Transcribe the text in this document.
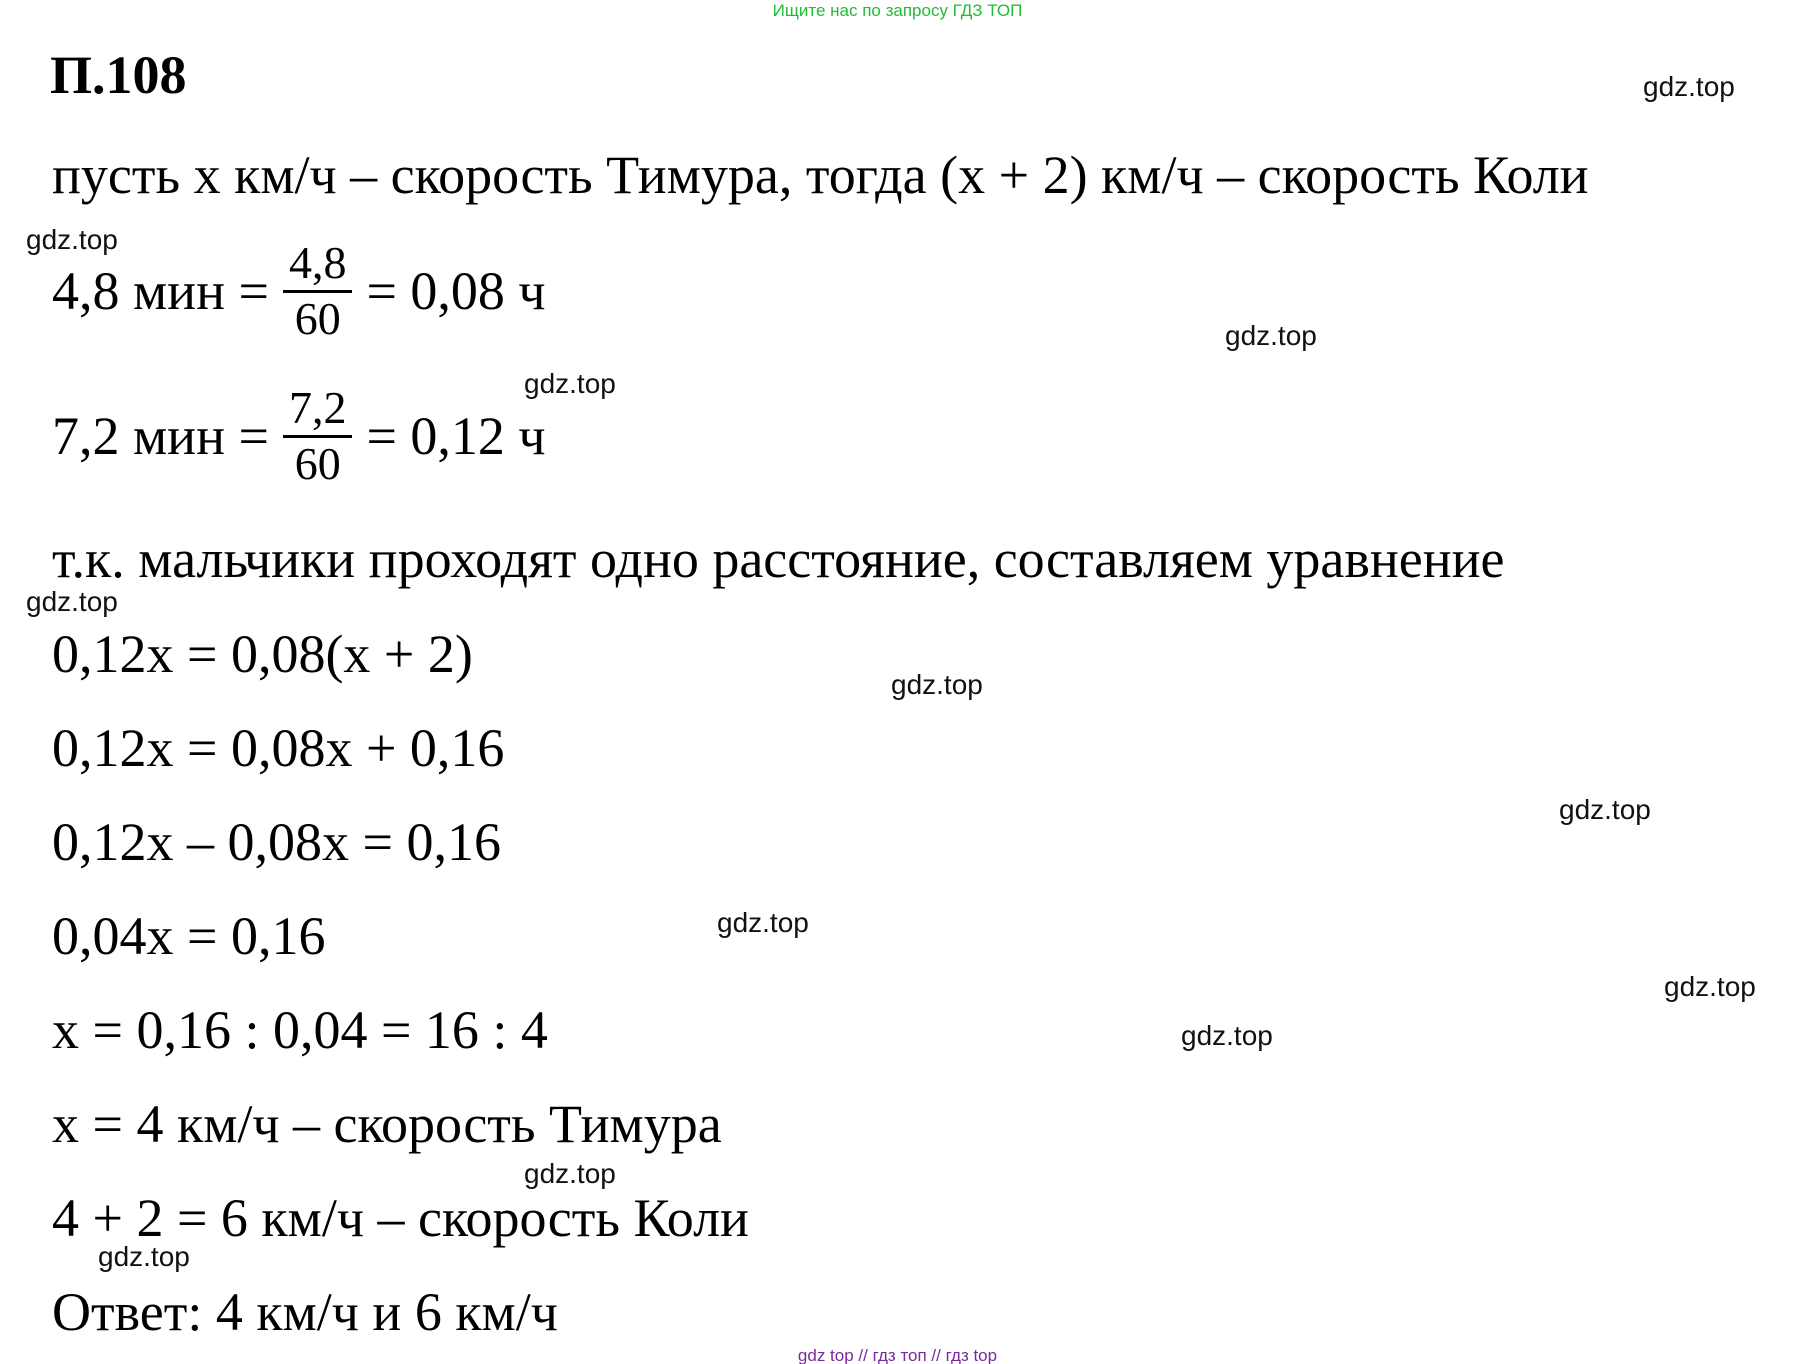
Ищите нас по запросу ГДЗ ТОП
П.108
пусть x км/ч – скорость Тимура, тогда (x + 2) км/ч – скорость Коли
4,8 мин = $\frac{4,8}{60} = 0,08$ ч
7,2 мин = $\frac{7,2}{60} = 0,12$ ч
т.к. мальчики проходят одно расстояние, составляем уравнение
0,12x = 0,08(x + 2)
0,12x = 0,08x + 0,16
0,12x – 0,08x = 0,16
0,04x = 0,16
x = 0,16 : 0,04 = 16 : 4
x = 4 км/ч – скорость Тимура
4 + 2 = 6 км/ч – скорость Коли
Ответ: 4 км/ч и 6 км/ч
gdz.top
gdz.top
gdz.top
gdz.top
gdz.top
gdz.top
gdz.top
gdz.top
gdz.top
gdz.top
gdz.top
gdz.top
gdz top // гдз топ // гдз top
